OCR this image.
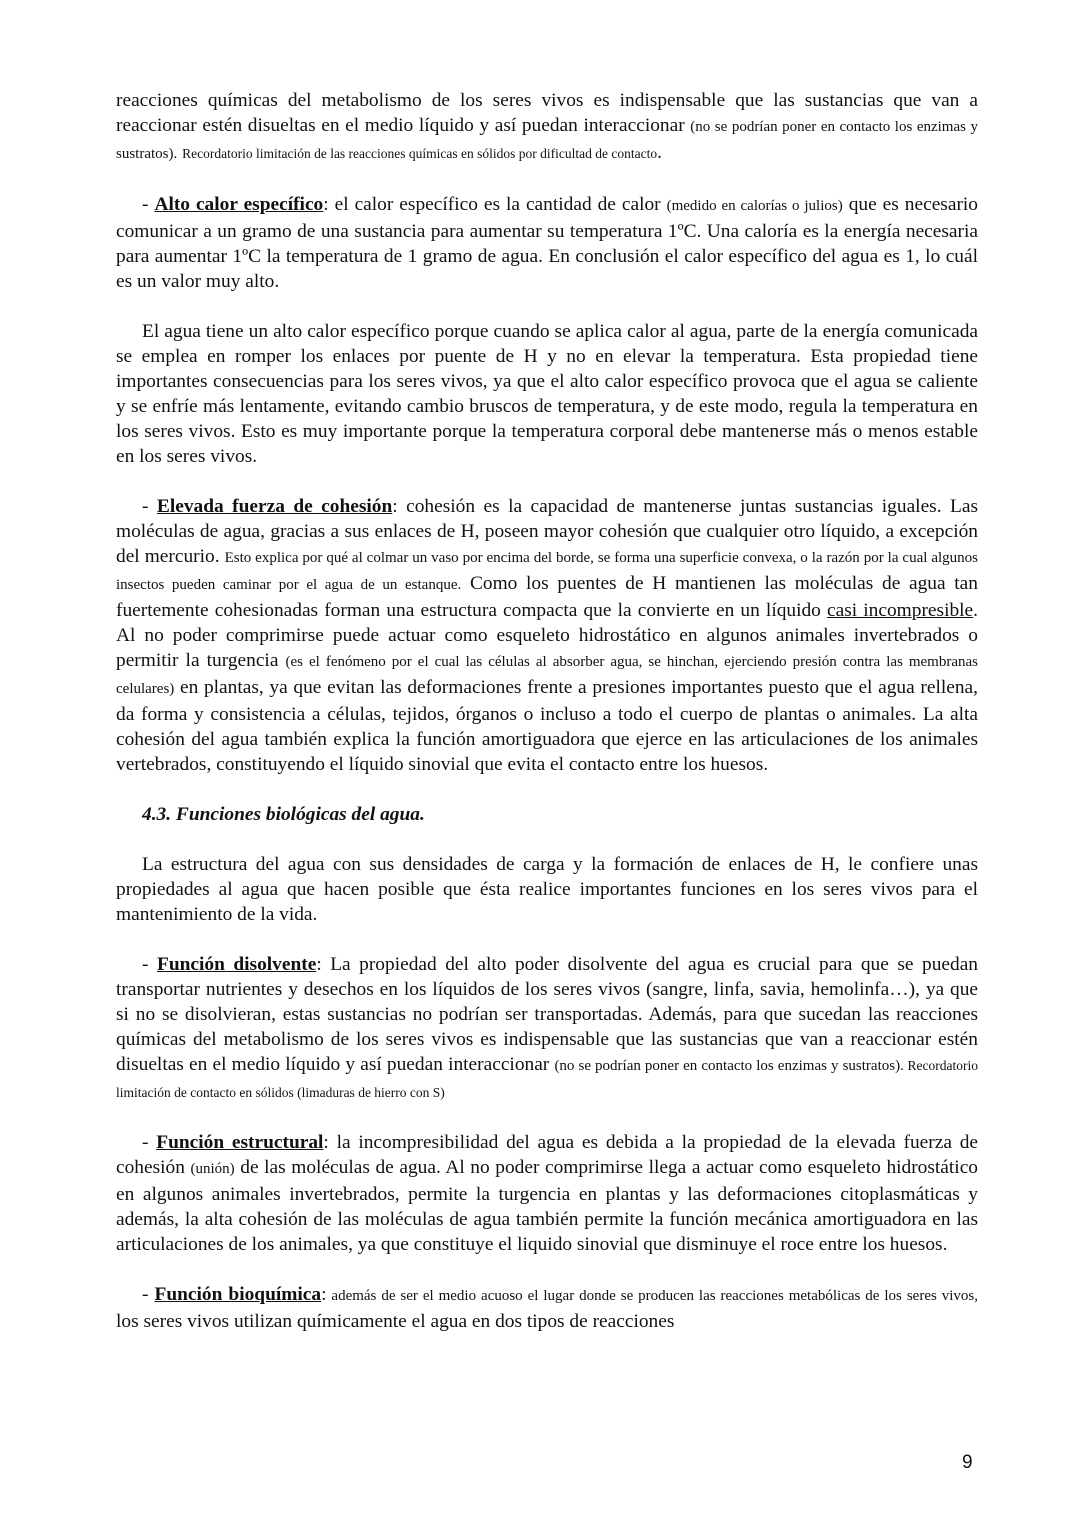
reacciones químicas del metabolismo de los seres vivos es indispensable que las sustancias que van a reaccionar estén disueltas en el medio líquido y así puedan interaccionar (no se podrían poner en contacto los enzimas y sustratos). Recordatorio limitación de las reacciones químicas en sólidos por dificultad de contacto.

- Alto calor específico: el calor específico es la cantidad de calor (medido en calorías o julios) que es necesario comunicar a un gramo de una sustancia para aumentar su temperatura 1ºC. Una caloría es la energía necesaria para aumentar 1ºC la temperatura de 1 gramo de agua. En conclusión el calor específico del agua es 1, lo cuál es un valor muy alto.

El agua tiene un alto calor específico porque cuando se aplica calor al agua, parte de la energía comunicada se emplea en romper los enlaces por puente de H y no en elevar la temperatura. Esta propiedad tiene importantes consecuencias para los seres vivos, ya que el alto calor específico provoca que el agua se caliente y se enfríe más lentamente, evitando cambio bruscos de temperatura, y de este modo, regula la temperatura en los seres vivos. Esto es muy importante porque la temperatura corporal debe mantenerse más o menos estable en los seres vivos.

- Elevada fuerza de cohesión: cohesión es la capacidad de mantenerse juntas sustancias iguales. Las moléculas de agua, gracias a sus enlaces de H, poseen mayor cohesión que cualquier otro líquido, a excepción del mercurio. Esto explica por qué al colmar un vaso por encima del borde, se forma una superficie convexa, o la razón por la cual algunos insectos pueden caminar por el agua de un estanque. Como los puentes de H mantienen las moléculas de agua tan fuertemente cohesionadas forman una estructura compacta que la convierte en un líquido casi incompresible. Al no poder comprimirse puede actuar como esqueleto hidrostático en algunos animales invertebrados o permitir la turgencia (es el fenómeno por el cual las células al absorber agua, se hinchan, ejerciendo presión contra las membranas celulares) en plantas, ya que evitan las deformaciones frente a presiones importantes puesto que el agua rellena, da forma y consistencia a células, tejidos, órganos o incluso a todo el cuerpo de plantas o animales. La alta cohesión del agua también explica la función amortiguadora que ejerce en las articulaciones de los animales vertebrados, constituyendo el líquido sinovial que evita el contacto entre los huesos.

4.3. Funciones biológicas del agua.

La estructura del agua con sus densidades de carga y la formación de enlaces de H, le confiere unas propiedades al agua que hacen posible que ésta realice importantes funciones en los seres vivos para el mantenimiento de la vida.

- Función disolvente: La propiedad del alto poder disolvente del agua es crucial para que se puedan transportar nutrientes y desechos en los líquidos de los seres vivos (sangre, linfa, savia, hemolinfa…), ya que si no se disolvieran, estas sustancias no podrían ser transportadas. Además, para que sucedan las reacciones químicas del metabolismo de los seres vivos es indispensable que las sustancias que van a reaccionar estén disueltas en el medio líquido y así puedan interaccionar (no se podrían poner en contacto los enzimas y sustratos). Recordatorio limitación de contacto en sólidos (limaduras de hierro con S)

- Función estructural: la incompresibilidad del agua es debida a la propiedad de la elevada fuerza de cohesión (unión) de las moléculas de agua. Al no poder comprimirse llega a actuar como esqueleto hidrostático en algunos animales invertebrados, permite la turgencia en plantas y las deformaciones citoplasmáticas y además, la alta cohesión de las moléculas de agua también permite la función mecánica amortiguadora en las articulaciones de los animales, ya que constituye el liquido sinovial que disminuye el roce entre los huesos.

- Función bioquímica: además de ser el medio acuoso el lugar donde se producen las reacciones metabólicas de los seres vivos, los seres vivos utilizan químicamente el agua en dos tipos de reacciones

9
